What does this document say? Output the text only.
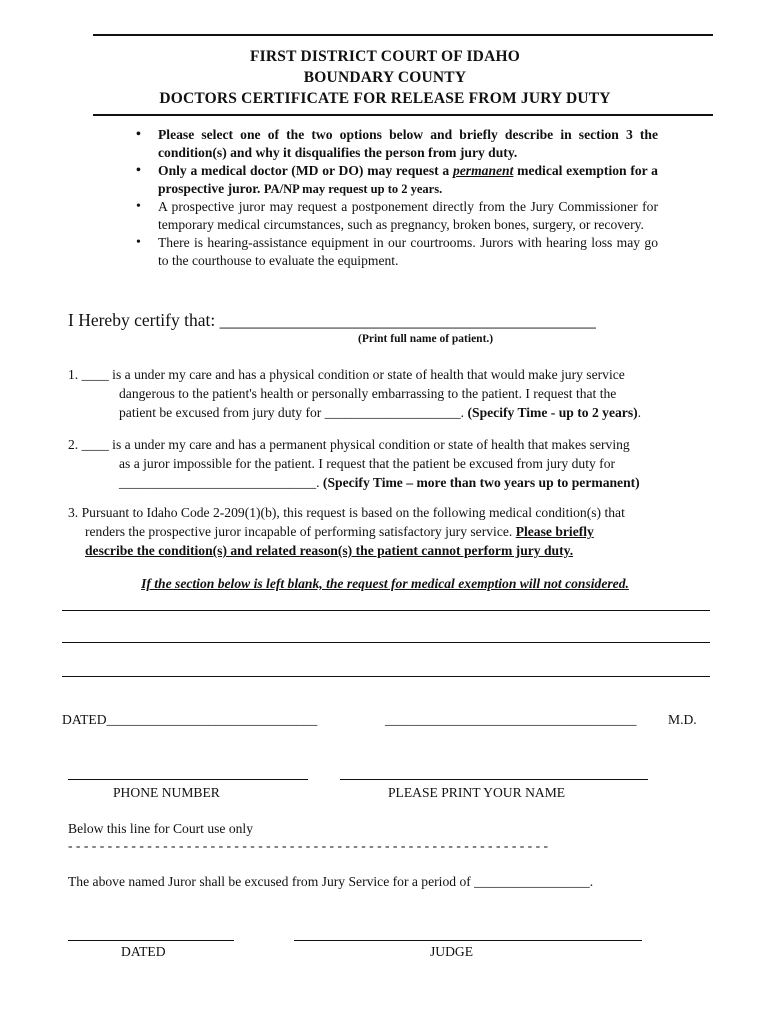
FIRST DISTRICT COURT OF IDAHO
BOUNDARY COUNTY
DOCTORS CERTIFICATE FOR RELEASE FROM JURY DUTY
• Please select one of the two options below and briefly describe in section 3 the condition(s) and why it disqualifies the person from jury duty.
• Only a medical doctor (MD or DO) may request a permanent medical exemption for a prospective juror. PA/NP may request up to 2 years.
• A prospective juror may request a postponement directly from the Jury Commissioner for temporary medical circumstances, such as pregnancy, broken bones, surgery, or recovery.
• There is hearing-assistance equipment in our courtrooms. Jurors with hearing loss may go to the courthouse to evaluate the equipment.
I Hereby certify that: ___________________________________________
(Print full name of patient.)
1. ____ is a under my care and has a physical condition or state of health that would make jury service
dangerous to the patient's health or personally embarrassing to the patient. I request that the
patient be excused from jury duty for ____________________. (Specify Time - up to 2 years).
2. ____ is a under my care and has a permanent physical condition or state of health that makes serving
as a juror impossible for the patient. I request that the patient be excused from jury duty for
_____________________________. (Specify Time – more than two years up to permanent)
3. Pursuant to Idaho Code 2-209(1)(b), this request is based on the following medical condition(s) that
renders the prospective juror incapable of performing satisfactory jury service. Please briefly
describe the condition(s) and related reason(s) the patient cannot perform jury duty.
If the section below is left blank, the request for medical exemption will not considered.
DATED_______________________________	_____________________________________ M.D.
PHONE NUMBER	PLEASE PRINT YOUR NAME
Below this line for Court use only
- - - - - - - - - - - - - - - - - - - - - - - - - - - - - - - - - - - - - - - - - - - - - - - - - - - - - - - - - - - - -
The above named Juror shall be excused from Jury Service for a period of _________________.
DATED	JUDGE
